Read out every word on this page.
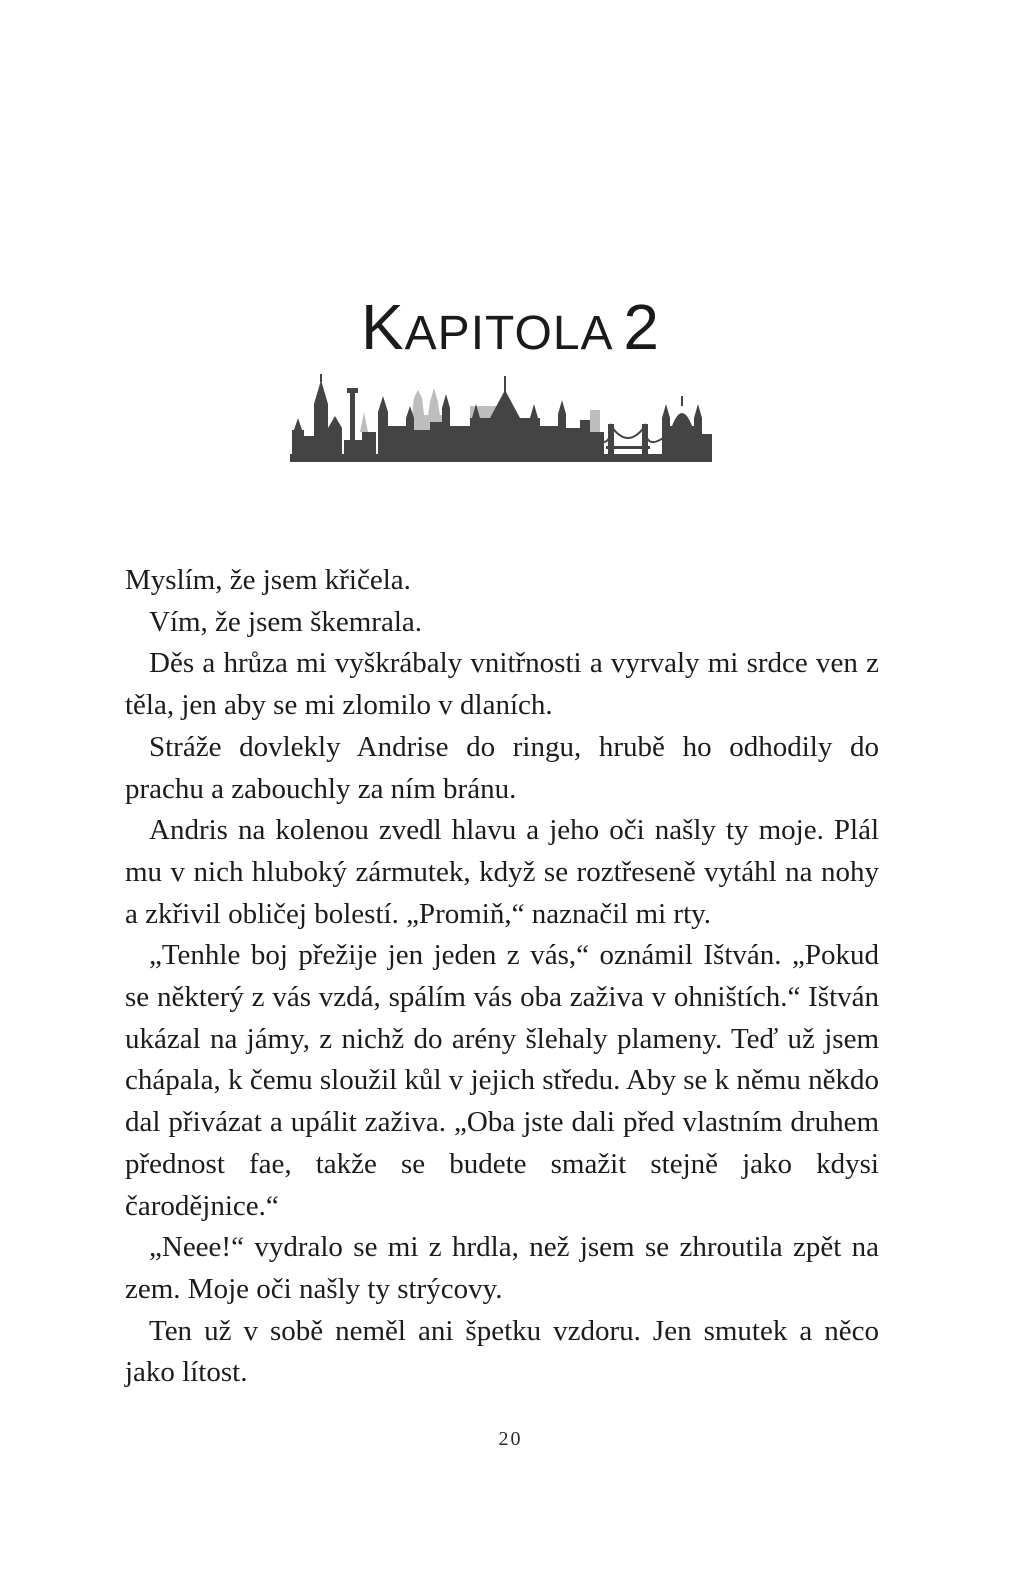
KAPITOLA 2

Myslím, že jsem křičela.

Vím, že jsem škemrala.

Děs a hrůza mi vyškrábaly vnitřnosti a vyrvaly mi srdce ven z těla, jen aby se mi zlomilo v dlaních.

Stráže dovlekly Andrise do ringu, hrubě ho odhodily do prachu a zabouchly za ním bránu.

Andris na kolenou zvedl hlavu a jeho oči našly ty moje. Plál mu v nich hluboký zármutek, když se roztřeseně vytáhl na nohy a zkřivil obličej bolestí. „Promiň,“ naznačil mi rty.

„Tenhle boj přežije jen jeden z vás,“ oznámil Ištván. „Pokud se některý z vás vzdá, spálím vás oba zaživa v ohništích.“ Ištván ukázal na jámy, z nichž do arény šlehaly plameny. Teď už jsem chápala, k čemu sloužil kůl v jejich středu. Aby se k němu někdo dal přivázat a upálit zaživa. „Oba jste dali před vlastním druhem přednost fae, takže se budete smažit stejně jako kdysi čarodějnice.“

„Neee!“ vydralo se mi z hrdla, než jsem se zhroutila zpět na zem. Moje oči našly ty strýcovy.

Ten už v sobě neměl ani špetku vzdoru. Jen smutek a něco jako lítost.

20
